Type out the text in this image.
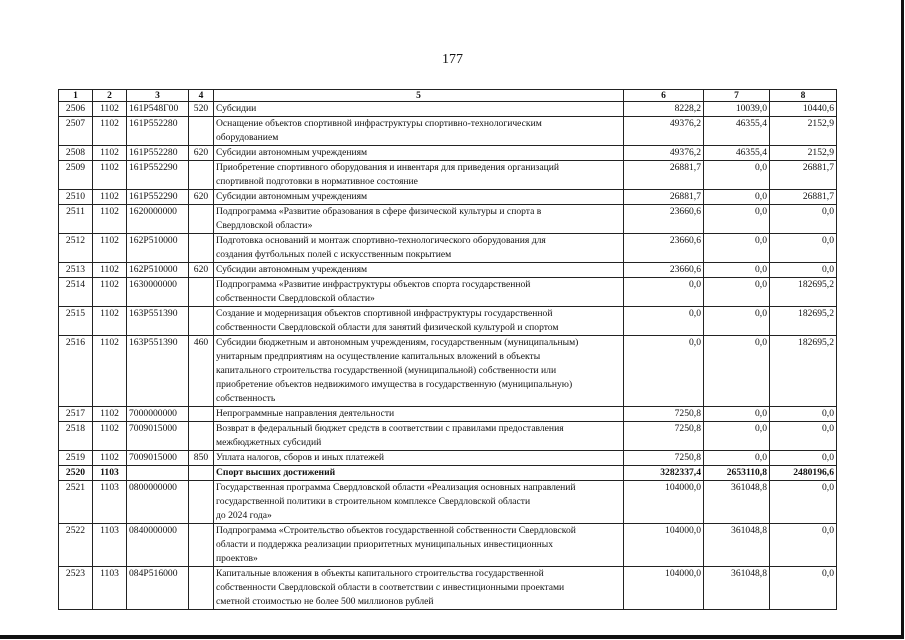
177
1	2	3	4	5	6	7	8
2506	1102	161P548Г00	520	Субсидии	8228,2	10039,0	10440,6
2507	1102	161P552280		Оснащение объектов спортивной инфраструктуры спортивно-технологическим
оборудованием	49376,2	46355,4	2152,9
2508	1102	161P552280	620	Субсидии автономным учреждениям	49376,2	46355,4	2152,9
2509	1102	161P552290		Приобретение спортивного оборудования и инвентаря для приведения организаций
спортивной подготовки в нормативное состояние	26881,7	0,0	26881,7
2510	1102	161P552290	620	Субсидии автономным учреждениям	26881,7	0,0	26881,7
2511	1102	1620000000		Подпрограмма «Развитие образования в сфере физической культуры и спорта в
Свердловской области»	23660,6	0,0	0,0
2512	1102	162P510000		Подготовка оснований и монтаж спортивно-технологического оборудования для
создания футбольных полей с искусственным покрытием	23660,6	0,0	0,0
2513	1102	162P510000	620	Субсидии автономным учреждениям	23660,6	0,0	0,0
2514	1102	1630000000		Подпрограмма «Развитие инфраструктуры объектов спорта государственной
собственности Свердловской области»	0,0	0,0	182695,2
2515	1102	163P551390		Создание и модернизация объектов спортивной инфраструктуры государственной
собственности Свердловской области для занятий физической культурой и спортом	0,0	0,0	182695,2
2516	1102	163P551390	460	Субсидии бюджетным и автономным учреждениям, государственным (муниципальным)
унитарным предприятиям на осуществление капитальных вложений в объекты
капитального строительства государственной (муниципальной) собственности или
приобретение объектов недвижимого имущества в государственную (муниципальную)
собственность	0,0	0,0	182695,2
2517	1102	7000000000		Непрограммные направления деятельности	7250,8	0,0	0,0
2518	1102	7009015000		Возврат в федеральный бюджет средств в соответствии с правилами предоставления
межбюджетных субсидий	7250,8	0,0	0,0
2519	1102	7009015000	850	Уплата налогов, сборов и иных платежей	7250,8	0,0	0,0
2520	1103			Спорт высших достижений	3282337,4	2653110,8	2480196,6
2521	1103	0800000000		Государственная программа Свердловской области «Реализация основных направлений
государственной политики в строительном комплексе Свердловской области
до 2024 года»	104000,0	361048,8	0,0
2522	1103	0840000000		Подпрограмма «Строительство объектов государственной собственности Свердловской
области и поддержка реализации приоритетных муниципальных инвестиционных
проектов»	104000,0	361048,8	0,0
2523	1103	084P516000		Капитальные вложения в объекты капитального строительства государственной
собственности Свердловской области в соответствии с инвестиционными проектами
сметной стоимостью не более 500 миллионов рублей	104000,0	361048,8	0,0
